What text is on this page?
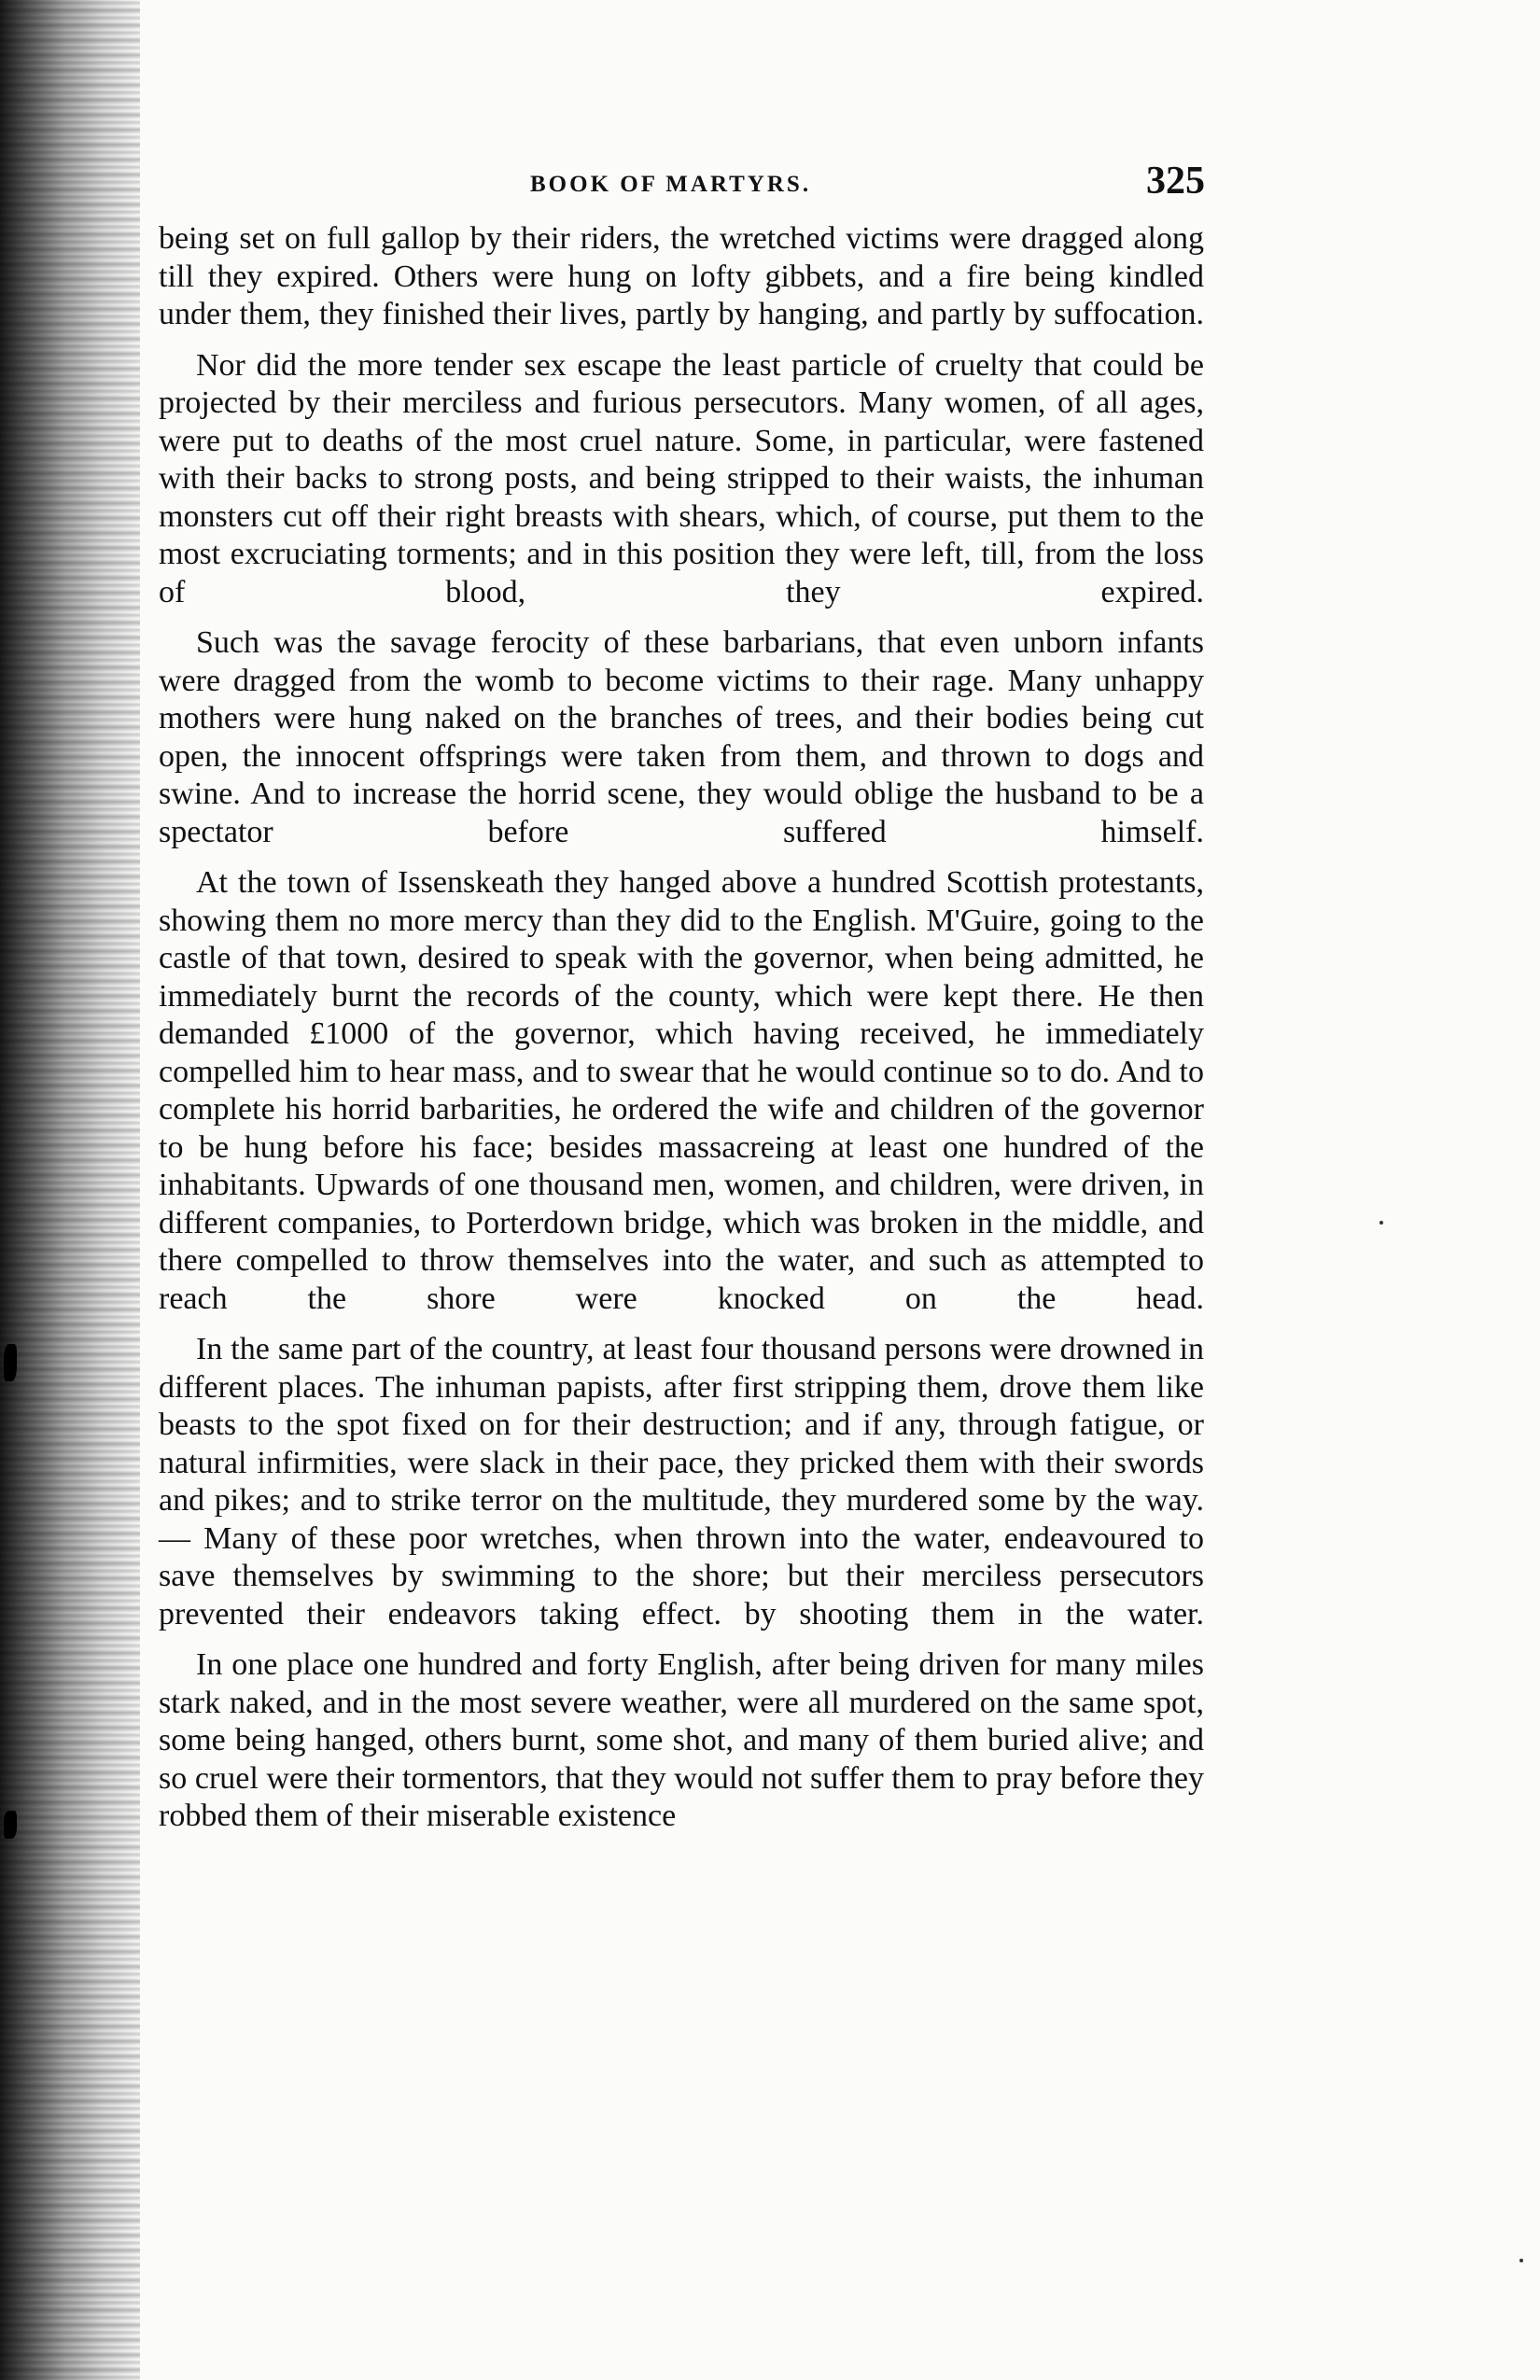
BOOK OF MARTYRS.	325

being set on full gallop by their riders, the wretched victims were dragged along till they expired. Others were hung on lofty gibbets, and a fire being kindled under them, they finished their lives, partly by hanging, and partly by suffocation.

Nor did the more tender sex escape the least particle of cruelty that could be projected by their merciless and furious persecutors. Many women, of all ages, were put to deaths of the most cruel nature. Some, in particular, were fastened with their backs to strong posts, and being stripped to their waists, the inhuman monsters cut off their right breasts with shears, which, of course, put them to the most excruciating torments; and in this position they were left, till, from the loss of blood, they expired.

Such was the savage ferocity of these barbarians, that even unborn infants were dragged from the womb to become victims to their rage. Many unhappy mothers were hung naked on the branches of trees, and their bodies being cut open, the innocent offsprings were taken from them, and thrown to dogs and swine. And to increase the horrid scene, they would oblige the husband to be a spectator before suffered himself.

At the town of Issenskeath they hanged above a hundred Scottish protestants, showing them no more mercy than they did to the English. M'Guire, going to the castle of that town, desired to speak with the governor, when being admitted, he immediately burnt the records of the county, which were kept there. He then demanded £1000 of the governor, which having received, he immediately compelled him to hear mass, and to swear that he would continue so to do. And to complete his horrid barbarities, he ordered the wife and children of the governor to be hung before his face; besides massacreing at least one hundred of the inhabitants. Upwards of one thousand men, women, and children, were driven, in different companies, to Porterdown bridge, which was broken in the middle, and there compelled to throw themselves into the water, and such as attempted to reach the shore were knocked on the head.

In the same part of the country, at least four thousand persons were drowned in different places. The inhuman papists, after first stripping them, drove them like beasts to the spot fixed on for their destruction; and if any, through fatigue, or natural infirmities, were slack in their pace, they pricked them with their swords and pikes; and to strike terror on the multitude, they murdered some by the way.— Many of these poor wretches, when thrown into the water, endeavoured to save themselves by swimming to the shore; but their merciless persecutors prevented their endeavors taking effect. by shooting them in the water.

In one place one hundred and forty English, after being driven for many miles stark naked, and in the most severe weather, were all murdered on the same spot, some being hanged, others burnt, some shot, and many of them buried alive; and so cruel were their tormentors, that they would not suffer them to pray before they robbed them of their miserable existence
